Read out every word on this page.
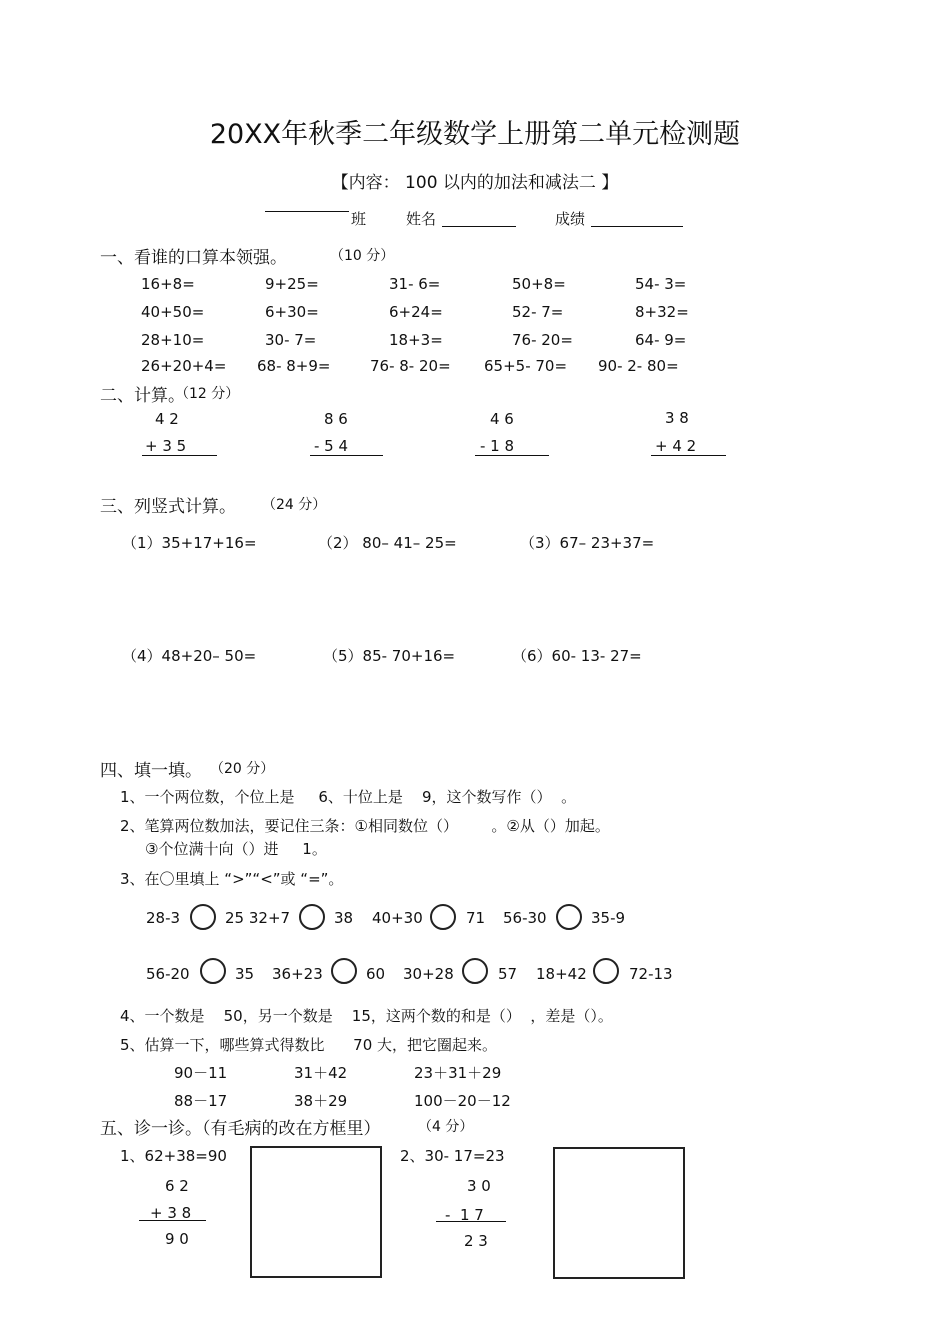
20XX年秋季二年级数学上册第二单元检测题
【内容： 100 以内的加法和减法二 】
班	姓名	成绩
一、看谁的口算本领强。	（10 分）
16+8=	9+25=	31- 6=	50+8=	54- 3=
40+50=	6+30=	6+24=	52- 7=	8+32=
28+10=	30- 7=	18+3=	76- 20=	64- 9=
26+20+4= 68- 8+9=	76- 8- 20= 65+5- 70= 90- 2- 80=
二、计算。
（12 分）
4 2
+ 3 5
8 6
- 5 4
4 6
- 1 8
3 8
+ 4 2
三、列竖式计算。 （24 分）
（1）35+17+16=	（2） 80– 41– 25=	（3）67– 23+37=
（4）48+20– 50=	（5）85- 70+16=	（6）60- 13- 27=
四、填一填。 （20 分）
1、一个两位数，个位上是     6、十位上是    9，这个数写作（）  。
2、笔算两位数加法，要记住三条：①相同数位（）       。②从（）加起。
③个位满十向（）进     1。
3、在〇里填上 “>”“<”或 “=”。
28-3	25 32+7	38 40+30	71 56-30	35-9
56-20	35 36+23	60 30+28	57 18+42	72-13
4、一个数是    50，另一个数是    15，这两个数的和是（）  ，差是（）。
5、估算一下，哪些算式得数比      70 大，把它圈起来。
90－11	31＋42	23＋31＋29
88－17	38＋29	100－20－12
五、诊一诊。（有毛病的改在方框里）	（4 分）
1、62+38=90
6 2
+ 3 8
9 0
2、30- 17=23
3 0
-  1 7
2 3
